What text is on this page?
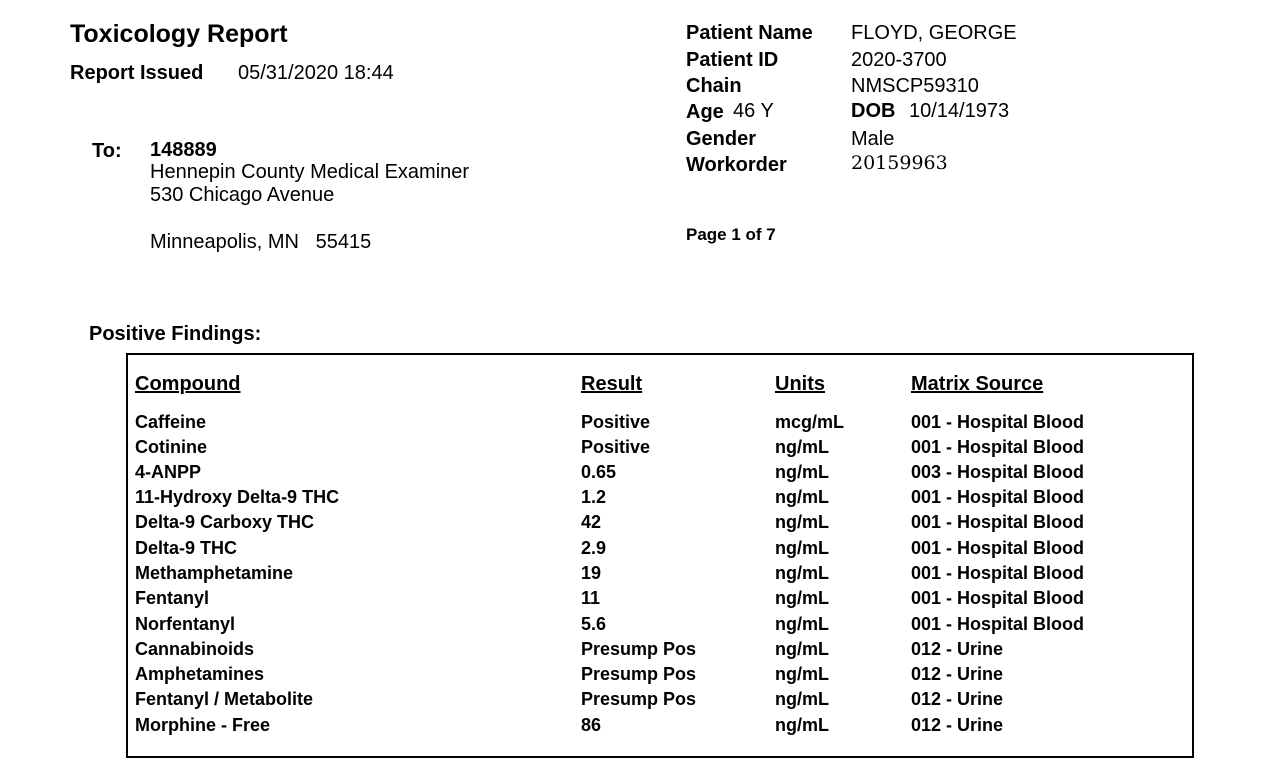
Toxicology Report
Report Issued 05/31/2020 18:44
To: 148889
Hennepin County Medical Examiner
530 Chicago Avenue
Minneapolis, MN   55415
Patient Name FLOYD, GEORGE
Patient ID	2020-3700
Chain	NMSCP59310
Age 46 Y	DOB 10/14/1973
Gender	Male
Workorder	20159963
Page 1 of 7
Positive Findings:
Compound	Result	Units	Matrix Source
Caffeine	Positive	mcg/mL	001 - Hospital Blood
Cotinine	Positive	ng/mL	001 - Hospital Blood
4-ANPP	0.65	ng/mL	003 - Hospital Blood
11-Hydroxy Delta-9 THC	1.2	ng/mL	001 - Hospital Blood
Delta-9 Carboxy THC	42	ng/mL	001 - Hospital Blood
Delta-9 THC	2.9	ng/mL	001 - Hospital Blood
Methamphetamine	19	ng/mL	001 - Hospital Blood
Fentanyl	11	ng/mL	001 - Hospital Blood
Norfentanyl	5.6	ng/mL	001 - Hospital Blood
Cannabinoids	Presump Pos	ng/mL	012 - Urine
Amphetamines	Presump Pos	ng/mL	012 - Urine
Fentanyl / Metabolite	Presump Pos	ng/mL	012 - Urine
Morphine - Free	86	ng/mL	012 - Urine
